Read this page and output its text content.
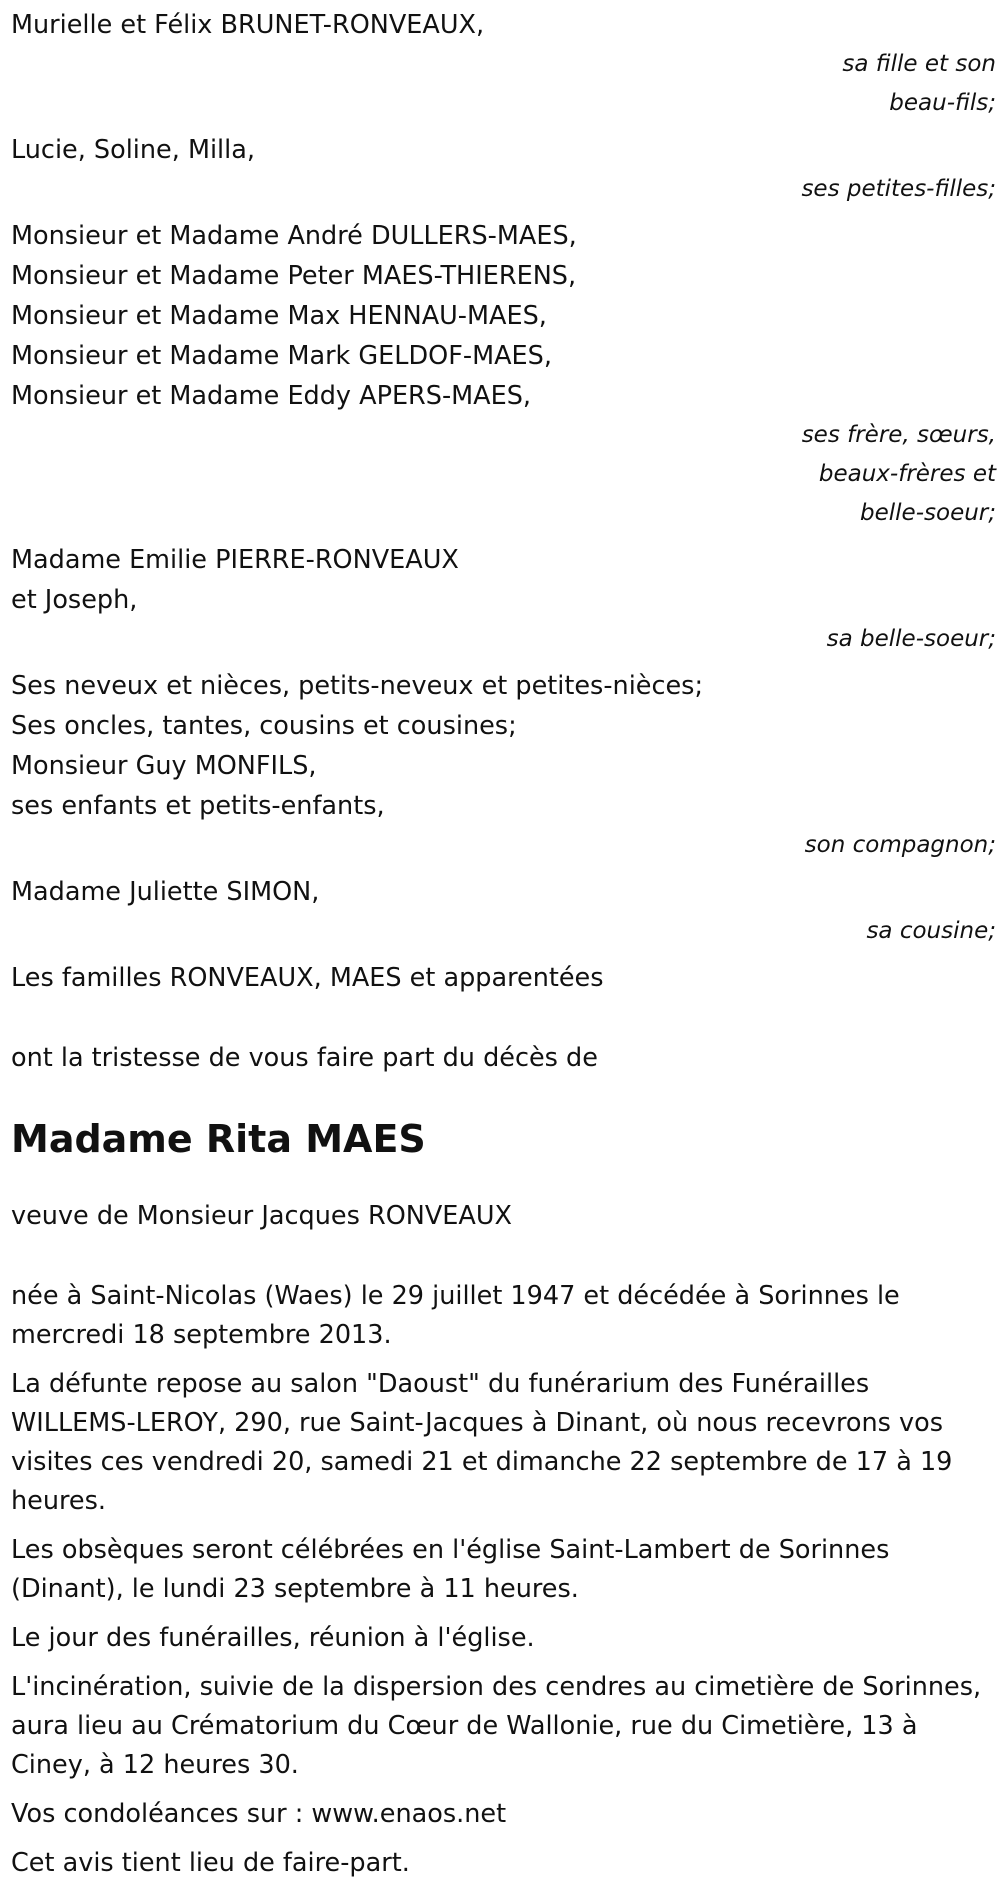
Murielle et Félix BRUNET-RONVEAUX,
sa fille et son
beau-fils;
Lucie, Soline, Milla,
ses petites-filles;
Monsieur et Madame André DULLERS-MAES,
Monsieur et Madame Peter MAES-THIERENS,
Monsieur et Madame Max HENNAU-MAES,
Monsieur et Madame Mark GELDOF-MAES,
Monsieur et Madame Eddy APERS-MAES,
ses frère, sœurs,
beaux-frères et
belle-soeur;
Madame Emilie PIERRE-RONVEAUX
et Joseph,
sa belle-soeur;
Ses neveux et nièces, petits-neveux et petites-nièces;
Ses oncles, tantes, cousins et cousines;
Monsieur Guy MONFILS,
ses enfants et petits-enfants,
son compagnon;
Madame Juliette SIMON,
sa cousine;
Les familles RONVEAUX, MAES et apparentées
ont la tristesse de vous faire part du décès de
Madame Rita MAES
veuve de Monsieur Jacques RONVEAUX
née à Saint-Nicolas (Waes) le 29 juillet 1947 et décédée à Sorinnes le mercredi 18 septembre 2013.
La défunte repose au salon "Daoust" du funérarium des Funérailles WILLEMS-LEROY, 290, rue Saint-Jacques à Dinant, où nous recevrons vos visites ces vendredi 20, samedi 21 et dimanche 22 septembre de 17 à 19 heures.
Les obsèques seront célébrées en l'église Saint-Lambert de Sorinnes (Dinant), le lundi 23 septembre à 11 heures.
Le jour des funérailles, réunion à l'église.
L'incinération, suivie de la dispersion des cendres au cimetière de Sorinnes, aura lieu au Crématorium du Cœur de Wallonie, rue du Cimetière, 13 à Ciney, à 12 heures 30.
Vos condoléances sur : www.enaos.net
Cet avis tient lieu de faire-part.
